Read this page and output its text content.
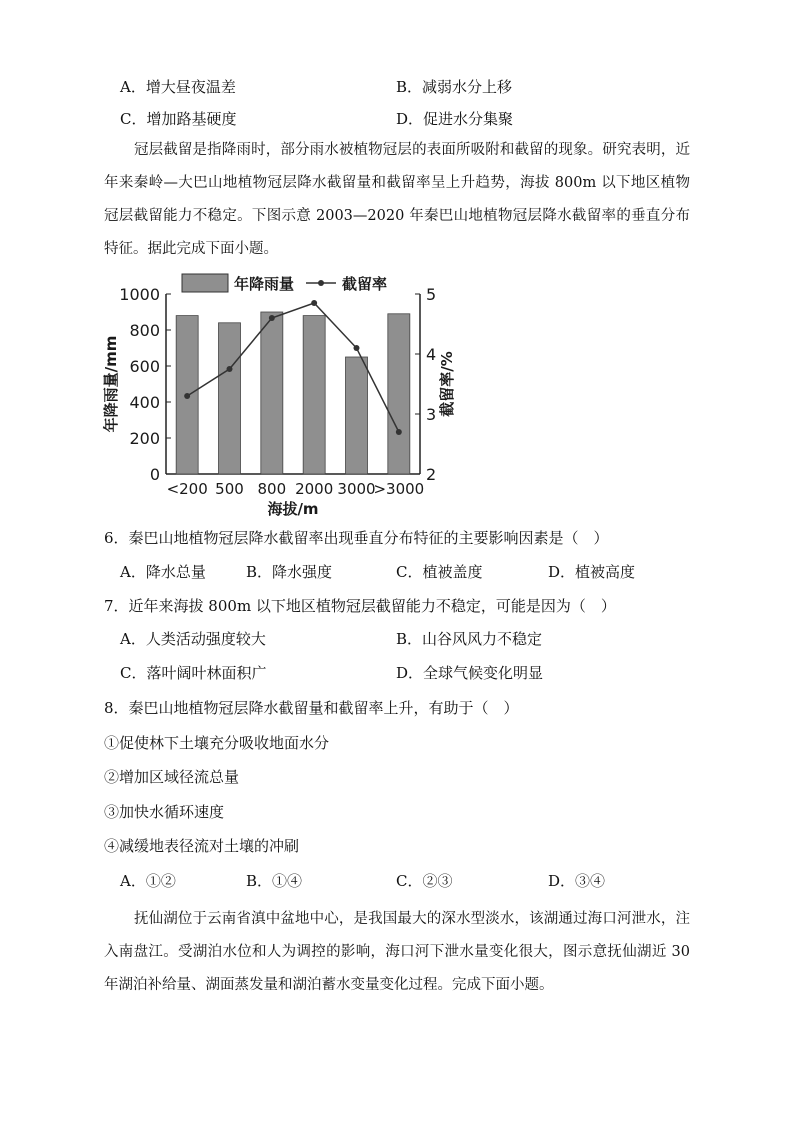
A．增大昼夜温差	B．减弱水分上移
C．增加路基硬度	D．促进水分集聚
冠层截留是指降雨时，部分雨水被植物冠层的表面所吸附和截留的现象。研究表明，近年来秦岭—大巴山地植物冠层降水截留量和截留率呈上升趋势，海拔 800m 以下地区植物冠层截留能力不稳定。下图示意 2003—2020 年秦巴山地植物冠层降水截留率的垂直分布特征。据此完成下面小题。
年降雨量	截留率
0
200
400
600
800
1000
2
3
4
5
<200 500 800 2000 3000
>3000
年降雨量/mm	截留率/%
海拔/m
6．秦巴山地植物冠层降水截留率出现垂直分布特征的主要影响因素是（　）
A．降水总量	B．降水强度	C．植被盖度	D．植被高度
7．近年来海拔 800m 以下地区植物冠层截留能力不稳定，可能是因为（　）
A．人类活动强度较大	B．山谷风风力不稳定
C．落叶阔叶林面积广	D．全球气候变化明显
8．秦巴山地植物冠层降水截留量和截留率上升，有助于（　）
①促使林下土壤充分吸收地面水分
②增加区域径流总量
③加快水循环速度
④减缓地表径流对土壤的冲刷
A．①②	B．①④	C．②③	D．③④
抚仙湖位于云南省滇中盆地中心，是我国最大的深水型淡水，该湖通过海口河泄水，注入南盘江。受湖泊水位和人为调控的影响，海口河下泄水量变化很大，图示意抚仙湖近 30 年湖泊补给量、湖面蒸发量和湖泊蓄水变量变化过程。完成下面小题。
